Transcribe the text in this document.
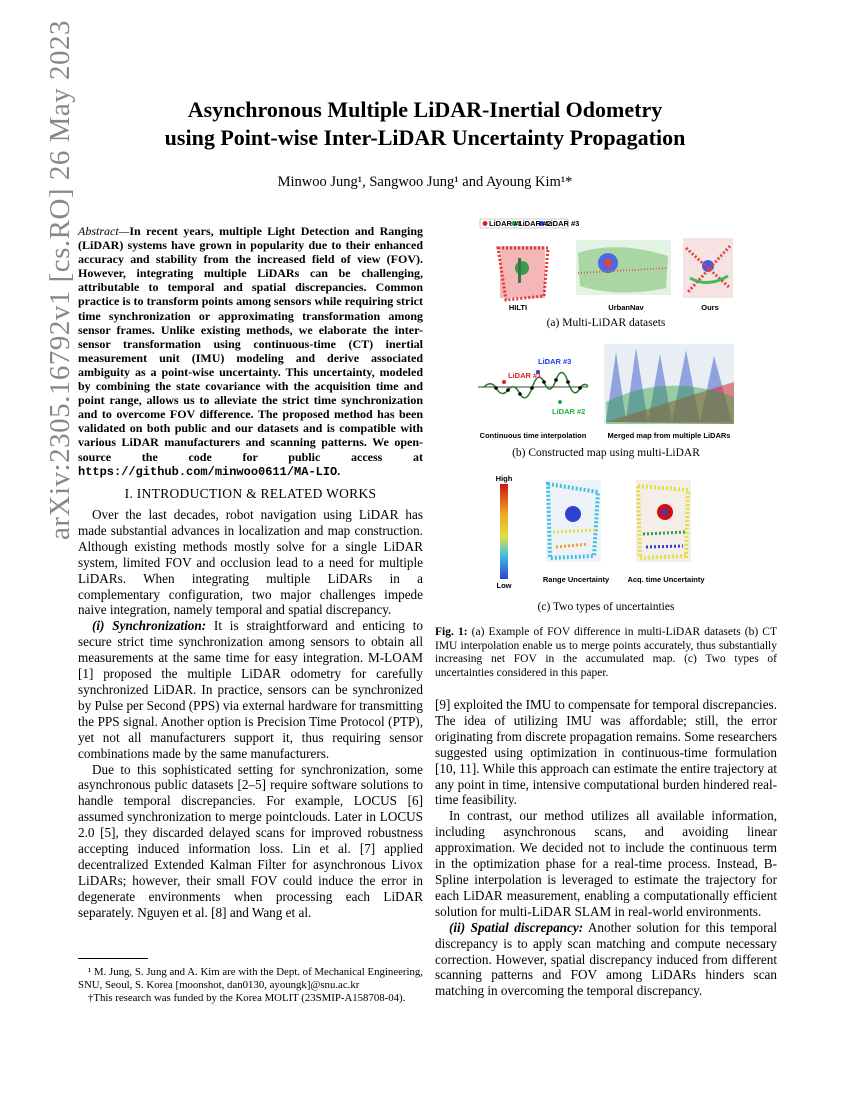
arXiv:2305.16792v1 [cs.RO] 26 May 2023	Asynchronous Multiple LiDAR-Inertial Odometry
using Point-wise Inter-LiDAR Uncertainty Propagation
Minwoo Jung¹, Sangwoo Jung¹ and Ayoung Kim¹*
Abstract—In recent years, multiple Light Detection and Ranging (LiDAR) systems have grown in popularity due to their enhanced accuracy and stability from the increased field of view (FOV). However, integrating multiple LiDARs can be challenging, attributable to temporal and spatial discrepancies. Common practice is to transform points among sensors while requiring strict time synchronization or approximating transformation among sensor frames. Unlike existing methods, we elaborate the inter-sensor transformation using continuous-time (CT) inertial measurement unit (IMU) modeling and derive associated ambiguity as a point-wise uncertainty. This uncertainty, modeled by combining the state covariance with the acquisition time and point range, allows us to alleviate the strict time synchronization and to overcome FOV difference. The proposed method has been validated on both public and our datasets and is compatible with various LiDAR manufacturers and scanning patterns. We open-source the code for public access at https://github.com/minwoo0611/MA-LIO.
I. INTRODUCTION & RELATED WORKS

Over the last decades, robot navigation using LiDAR has made substantial advances in localization and map construction. Although existing methods mostly solve for a single LiDAR system, limited FOV and occlusion lead to a need for multiple LiDARs. When integrating multiple LiDARs in a complementary configuration, two major challenges impede naive integration, namely temporal and spatial discrepancy.

(i) Synchronization: It is straightforward and enticing to secure strict time synchronization among sensors to obtain all measurements at the same time for easy integration. M-LOAM [1] proposed the multiple LiDAR odometry for carefully synchronized LiDAR. In practice, sensors can be synchronized by Pulse per Second (PPS) via external hardware for transmitting the PPS signal. Another option is Precision Time Protocol (PTP), yet not all manufacturers support it, thus requiring sensor combinations made by the same manufacturers.

Due to this sophisticated setting for synchronization, some asynchronous public datasets [2–5] require software solutions to handle temporal discrepancies. For example, LOCUS [6] assumed synchronization to merge pointclouds. Later in LOCUS 2.0 [5], they discarded delayed scans for improved robustness accepting induced information loss. Lin et al. [7] applied decentralized Extended Kalman Filter for asynchronous Livox LiDARs; however, their small FOV could induce the error in degenerate environments when processing each LiDAR separately. Nguyen et al. [8] and Wang et al.

¹ M. Jung, S. Jung and A. Kim are with the Dept. of Mechanical Engineering, SNU, Seoul, S. Korea [moonshot, dan0130, ayoungk]@snu.ac.kr
†This research was funded by the Korea MOLIT (23SMIP-A158708-04).
LiDAR #1
LiDAR #2
LiDAR #3
HILTI	UrbanNav	Ours
(a) Multi-LiDAR datasets
LiDAR #1
LiDAR #3
LiDAR #2
Continuous time interpolation	Merged map from multiple LiDARs
(b) Constructed map using multi-LiDAR
High
Low
Range Uncertainty Acq. time Uncertainty
(c) Two types of uncertainties
Fig. 1: (a) Example of FOV difference in multi-LiDAR datasets (b) CT IMU interpolation enable us to merge points accurately, thus substantially increasing net FOV in the accumulated map. (c) Two types of uncertainties considered in this paper.

[9] exploited the IMU to compensate for temporal discrepancies. The idea of utilizing IMU was affordable; still, the error originating from discrete propagation remains. Some researchers suggested using optimization in continuous-time formulation [10, 11]. While this approach can estimate the entire trajectory at any point in time, intensive computational burden hindered real-time feasibility.

In contrast, our method utilizes all available information, including asynchronous scans, and avoiding linear approximation. We decided not to include the continuous term in the optimization phase for a real-time process. Instead, B-Spline interpolation is leveraged to estimate the trajectory for each LiDAR measurement, enabling a computationally efficient solution for multi-LiDAR SLAM in real-world environments.

(ii) Spatial discrepancy: Another solution for this temporal discrepancy is to apply scan matching and compute necessary correction. However, spatial discrepancy induced from different scanning patterns and FOV among LiDARs hinders scan matching in overcoming the temporal discrepancy.
